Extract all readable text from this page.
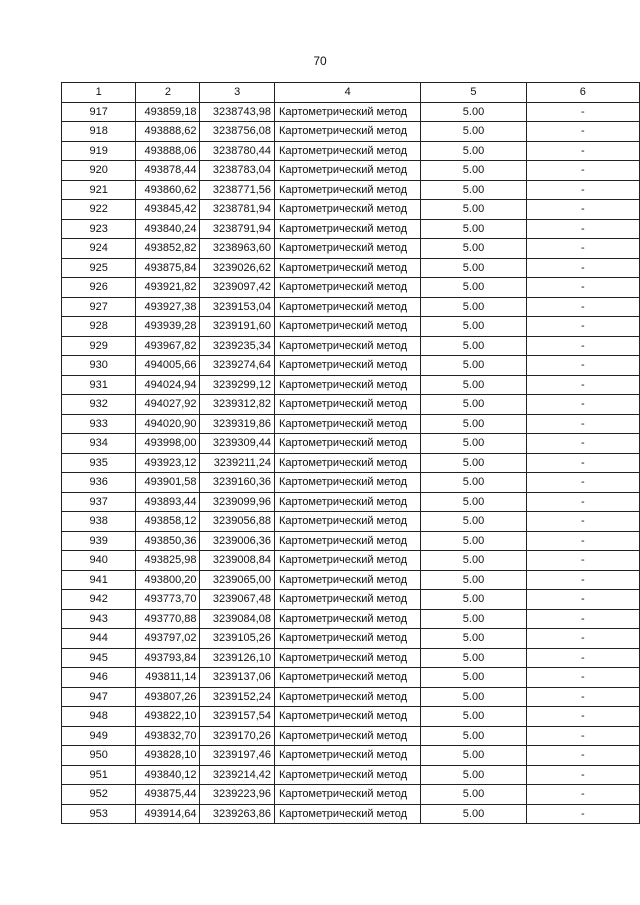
70
1	2	3	4	5	6
917	493859,18	3238743,98	Картометрический метод	5.00	-
918	493888,62	3238756,08	Картометрический метод	5.00	-
919	493888,06	3238780,44	Картометрический метод	5.00	-
920	493878,44	3238783,04	Картометрический метод	5.00	-
921	493860,62	3238771,56	Картометрический метод	5.00	-
922	493845,42	3238781,94	Картометрический метод	5.00	-
923	493840,24	3238791,94	Картометрический метод	5.00	-
924	493852,82	3238963,60	Картометрический метод	5.00	-
925	493875,84	3239026,62	Картометрический метод	5.00	-
926	493921,82	3239097,42	Картометрический метод	5.00	-
927	493927,38	3239153,04	Картометрический метод	5.00	-
928	493939,28	3239191,60	Картометрический метод	5.00	-
929	493967,82	3239235,34	Картометрический метод	5.00	-
930	494005,66	3239274,64	Картометрический метод	5.00	-
931	494024,94	3239299,12	Картометрический метод	5.00	-
932	494027,92	3239312,82	Картометрический метод	5.00	-
933	494020,90	3239319,86	Картометрический метод	5.00	-
934	493998,00	3239309,44	Картометрический метод	5.00	-
935	493923,12	3239211,24	Картометрический метод	5.00	-
936	493901,58	3239160,36	Картометрический метод	5.00	-
937	493893,44	3239099,96	Картометрический метод	5.00	-
938	493858,12	3239056,88	Картометрический метод	5.00	-
939	493850,36	3239006,36	Картометрический метод	5.00	-
940	493825,98	3239008,84	Картометрический метод	5.00	-
941	493800,20	3239065,00	Картометрический метод	5.00	-
942	493773,70	3239067,48	Картометрический метод	5.00	-
943	493770,88	3239084,08	Картометрический метод	5.00	-
944	493797,02	3239105,26	Картометрический метод	5.00	-
945	493793,84	3239126,10	Картометрический метод	5.00	-
946	493811,14	3239137,06	Картометрический метод	5.00	-
947	493807,26	3239152,24	Картометрический метод	5.00	-
948	493822,10	3239157,54	Картометрический метод	5.00	-
949	493832,70	3239170,26	Картометрический метод	5.00	-
950	493828,10	3239197,46	Картометрический метод	5.00	-
951	493840,12	3239214,42	Картометрический метод	5.00	-
952	493875,44	3239223,96	Картометрический метод	5.00	-
953	493914,64	3239263,86	Картометрический метод	5.00	-
